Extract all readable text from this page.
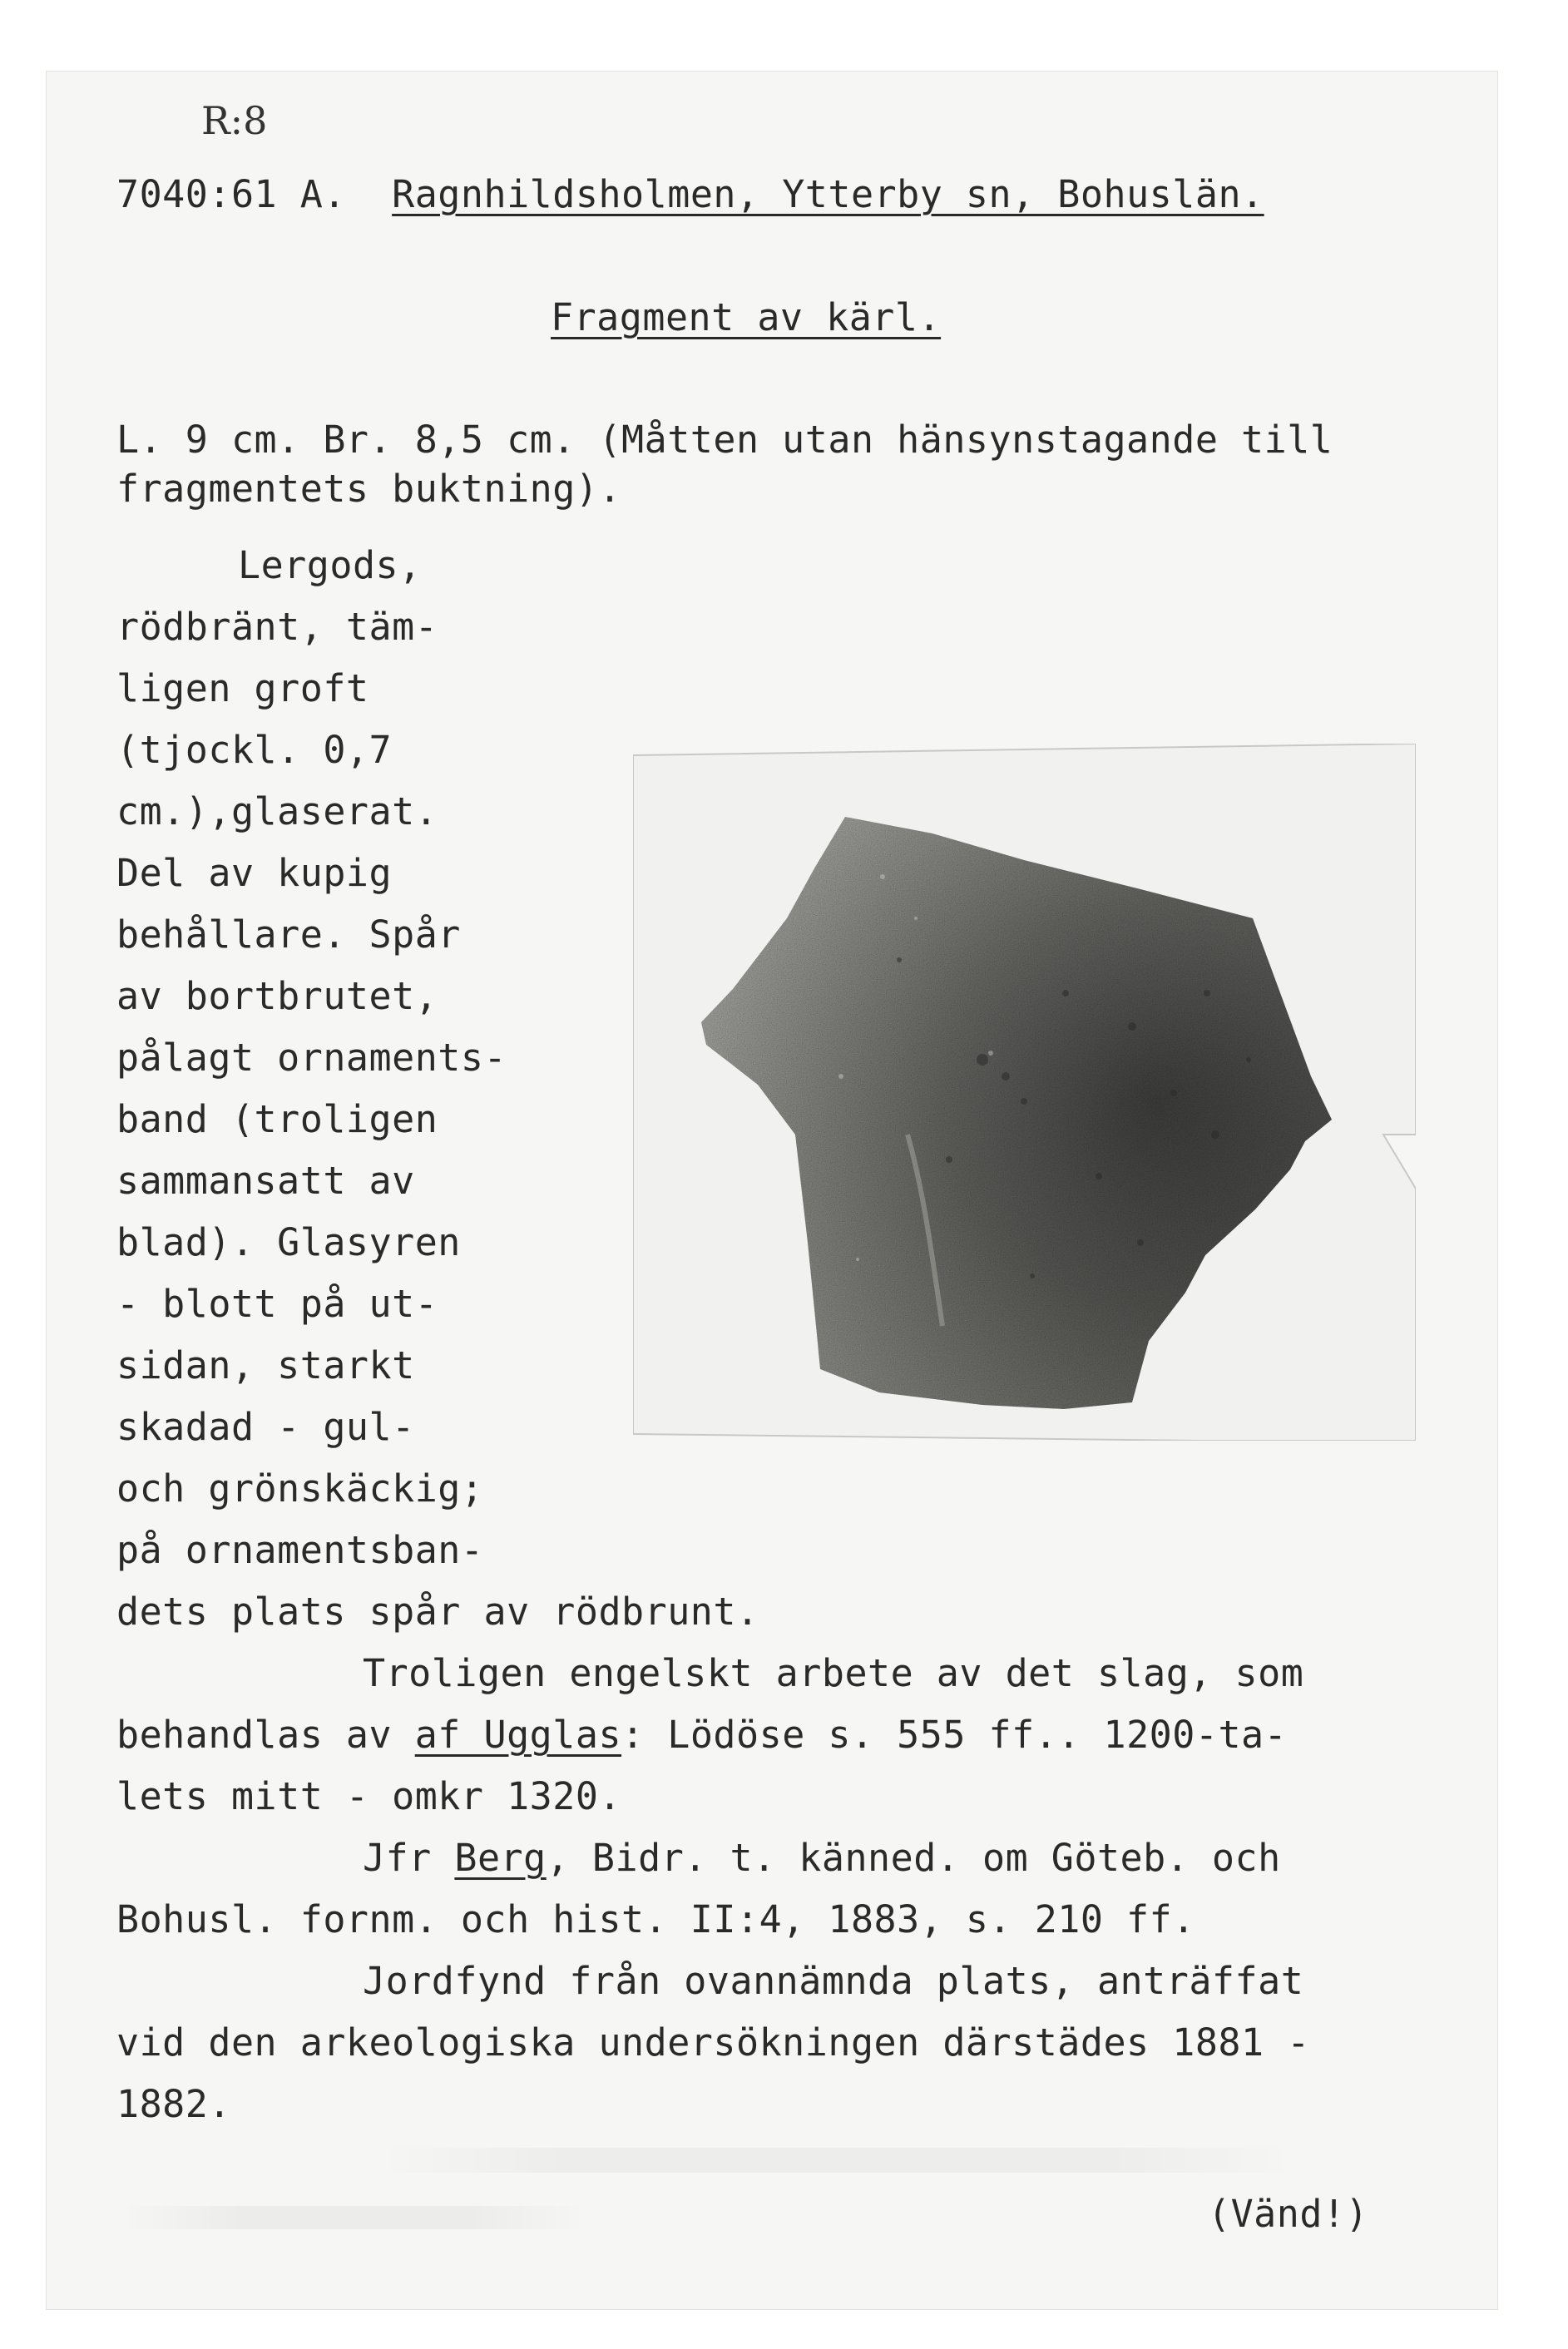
R:8
7040:61 A. Ragnhildsholmen, Ytterby sn, Bohuslän.
Fragment av kärl.
L. 9 cm. Br. 8,5 cm. (Måtten utan hänsynstagande till
fragmentets buktning).
Lergods,
rödbränt, täm-
ligen groft
(tjockl. 0,7
cm.),glaserat.
Del av kupig
behållare. Spår
av bortbrutet,
pålagt ornaments-
band (troligen
sammansatt av
blad). Glasyren
- blott på ut-
sidan, starkt
skadad - gul-
och grönskäckig;
på ornamentsban-
dets plats spår av rödbrunt.
Troligen engelskt arbete av det slag, som
behandlas av af Ugglas: Lödöse s. 555 ff.. 1200-ta-
lets mitt - omkr 1320.
Jfr Berg, Bidr. t. känned. om Göteb. och
Bohusl. fornm. och hist. II:4, 1883, s. 210 ff.
Jordfynd från ovannämnda plats, anträffat
vid den arkeologiska undersökningen därstädes 1881 -
1882.
(Vänd!)
